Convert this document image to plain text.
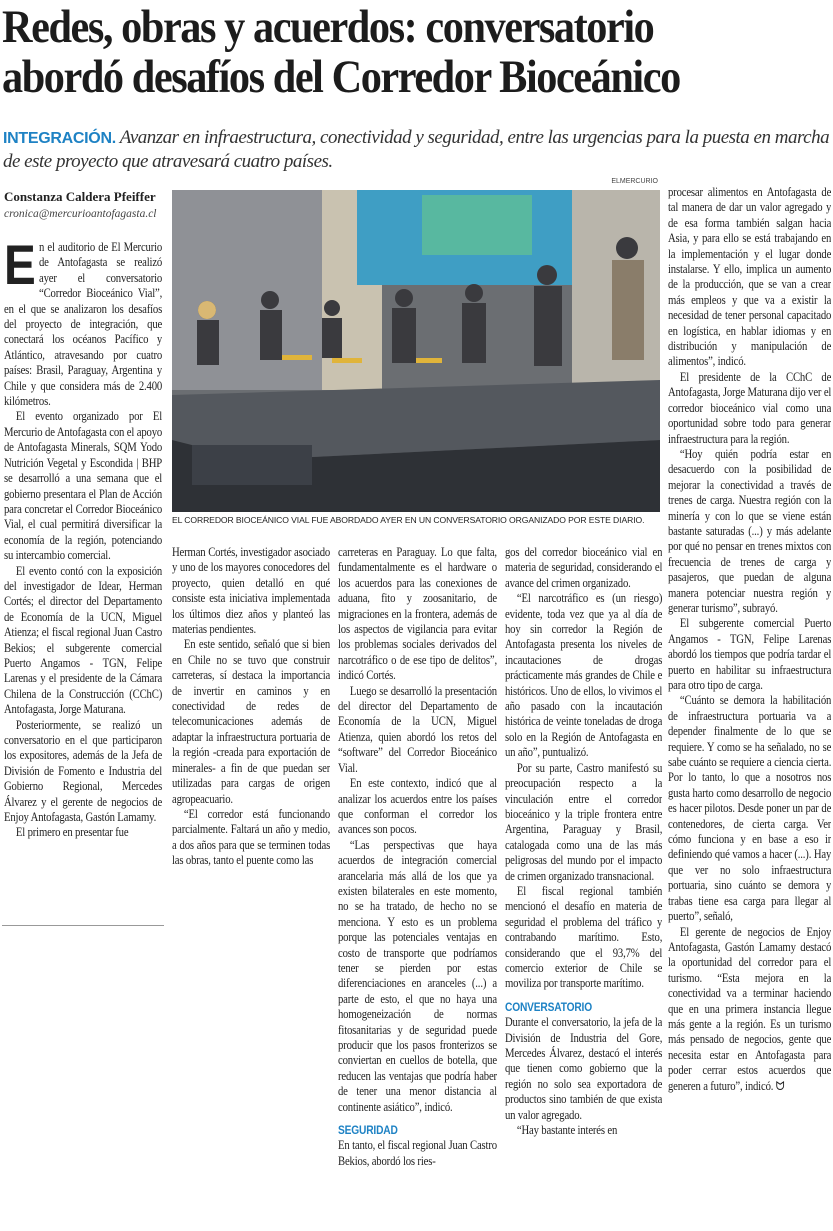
Redes, obras y acuerdos: conversatorio
abordó desafíos del Corredor Bioceánico
INTEGRACIÓN. Avanzar en infraestructura, conectividad y seguridad, entre las urgencias para la puesta en marcha de este proyecto que atravesará cuatro países.
Constanza Caldera Pfeiffer
cronica@mercurioantofagasta.cl
E n el auditorio de El Mercurio de Antofagasta se realizó ayer el conversatorio “Corredor Bioceánico Vial”, en el que se analizaron los desafíos del proyecto de integración, que conectará los océanos Pacífico y Atlántico, atravesando por cuatro países: Brasil, Paraguay, Argentina y Chile y que considera más de 2.400 kilómetros.

El evento organizado por El Mercurio de Antofagasta con el apoyo de Antofagasta Minerals, SQM Yodo Nutrición Vegetal y Escondida | BHP se desarrolló a una semana que el gobierno presentara el Plan de Acción para concretar el Corredor Bioceánico Vial, el cual permitirá diversificar la economía de la región, potenciando su intercambio comercial.

El evento contó con la exposición del investigador de Idear, Herman Cortés; el director del Departamento de Economía de la UCN, Miguel Atienza; el fiscal regional Juan Castro Bekios; el subgerente comercial Puerto Angamos - TGN, Felipe Larenas y el presidente de la Cámara Chilena de la Construcción (CChC) Antofagasta, Jorge Maturana.

Posteriormente, se realizó un conversatorio en el que participaron los expositores, además de la Jefa de División de Fomento e Industria del Gobierno Regional, Mercedes Álvarez y el gerente de negocios de Enjoy Antofagasta, Gastón Lamamy.

El primero en presentar fue

ELMERCURIO
EL CORREDOR BIOCEÁNICO VIAL FUE ABORDADO AYER EN UN CONVERSATORIO ORGANIZADO POR ESTE DIARIO.

Herman Cortés, investigador asociado y uno de los mayores conocedores del proyecto, quien detalló en qué consiste esta iniciativa implementada los últimos diez años y planteó las materias pendientes.

En este sentido, señaló que si bien en Chile no se tuvo que construir carreteras, sí destaca la importancia de invertir en caminos y en conectividad de redes de telecomunicaciones además de adaptar la infraestructura portuaria de la región -creada para exportación de minerales- a fin de que puedan ser utilizadas para cargas de origen agropeacuario.

“El corredor está funcionando parcialmente. Faltará un año y medio, a dos años para que se terminen todas las obras, tanto el puente como las

carreteras en Paraguay. Lo que falta, fundamentalmente es el hardware o los acuerdos para las conexiones de aduana, fito y zoosanitario, de migraciones en la frontera, además de los aspectos de vigilancia para evitar los problemas sociales derivados del narcotráfico o de ese tipo de delitos”, indicó Cortés.

Luego se desarrolló la presentación del director del Departamento de Economía de la UCN, Miguel Atienza, quien abordó los retos del “software” del Corredor Bioceánico Vial.

En este contexto, indicó que al analizar los acuerdos entre los países que conforman el corredor los avances son pocos.

“Las perspectivas que haya acuerdos de integración comercial arancelaria más allá de los que ya existen bilaterales en este momento, no se ha tratado, de hecho no se menciona. Y esto es un problema porque las potenciales ventajas en costo de transporte que podríamos tener se pierden por estas diferenciaciones en aranceles (...) a parte de esto, el que no haya una homogeneización de normas fitosanitarias y de seguridad puede producir que los pasos fronterizos se conviertan en cuellos de botella, que reducen las ventajas que podría haber de tener una menor distancia al continente asiático”, indicó.

SEGURIDAD

En tanto, el fiscal regional Juan Castro Bekios, abordó los ries-

gos del corredor bioceánico vial en materia de seguridad, considerando el avance del crimen organizado.

“El narcotráfico es (un riesgo) evidente, toda vez que ya al día de hoy sin corredor la Región de Antofagasta presenta los niveles de incautaciones de drogas prácticamente más grandes de Chile e históricos. Uno de ellos, lo vivimos el año pasado con la incautación histórica de veinte toneladas de droga solo en la Región de Antofagasta en un año”, puntualizó.

Por su parte, Castro manifestó su preocupación respecto a la vinculación entre el corredor bioceánico y la triple frontera entre Argentina, Paraguay y Brasil, catalogada como una de las más peligrosas del mundo por el impacto de crimen organizado transnacional.

El fiscal regional también mencionó el desafío en materia de seguridad el problema del tráfico y contrabando marítimo. Esto, considerando que el 93,7% del comercio exterior de Chile se moviliza por transporte marítimo.

CONVERSATORIO

Durante el conversatorio, la jefa de la División de Industria del Gore, Mercedes Álvarez, destacó el interés que tienen como gobierno que la región no solo sea exportadora de productos sino también de que exista un valor agregado.

“Hay bastante interés en

procesar alimentos en Antofagasta de tal manera de dar un valor agregado y de esa forma también salgan hacia Asia, y para ello se está trabajando en la implementación y el lugar donde instalarse. Y ello, implica un aumento de la producción, que se van a crear más empleos y que va a existir la necesidad de tener personal capacitado en logística, en hablar idiomas y en distribución y manipulación de alimentos”, indicó.

El presidente de la CChC de Antofagasta, Jorge Maturana dijo ver el corredor bioceánico vial como una oportunidad sobre todo para generar infraestructura para la región.

“Hoy quién podría estar en desacuerdo con la posibilidad de mejorar la conectividad a través de trenes de carga. Nuestra región con la minería y con lo que se viene están bastante saturadas (...) y más adelante por qué no pensar en trenes mixtos con frecuencia de trenes de carga y pasajeros, que puedan de alguna manera potenciar nuestra región y generar turismo”, subrayó.

El subgerente comercial Puerto Angamos - TGN, Felipe Larenas abordó los tiempos que podría tardar el puerto en habilitar su infraestructura para otro tipo de carga.

“Cuánto se demora la habilitación de infraestructura portuaria va a depender finalmente de lo que se requiere. Y como se ha señalado, no se sabe cuánto se requiere a ciencia cierta. Por lo tanto, lo que a nosotros nos gusta harto como desarrollo de negocio es hacer pilotos. Desde poner un par de contenedores, de cierta carga. Ver cómo funciona y en base a eso ir definiendo qué vamos a hacer (...). Hay que ver no solo infraestructura portuaria, sino cuánto se demora y trabas tiene esa carga para llegar al puerto”, señaló,

El gerente de negocios de Enjoy Antofagasta, Gastón Lamamy destacó la oportunidad del corredor para el turismo. “Esta mejora en la conectividad va a terminar haciendo que en una primera instancia llegue más gente a la región. Es un turismo más pensado de negocios, gente que necesita estar en Antofagasta para poder cerrar estos acuerdos que generen a futuro”, indicó. ᗢ
